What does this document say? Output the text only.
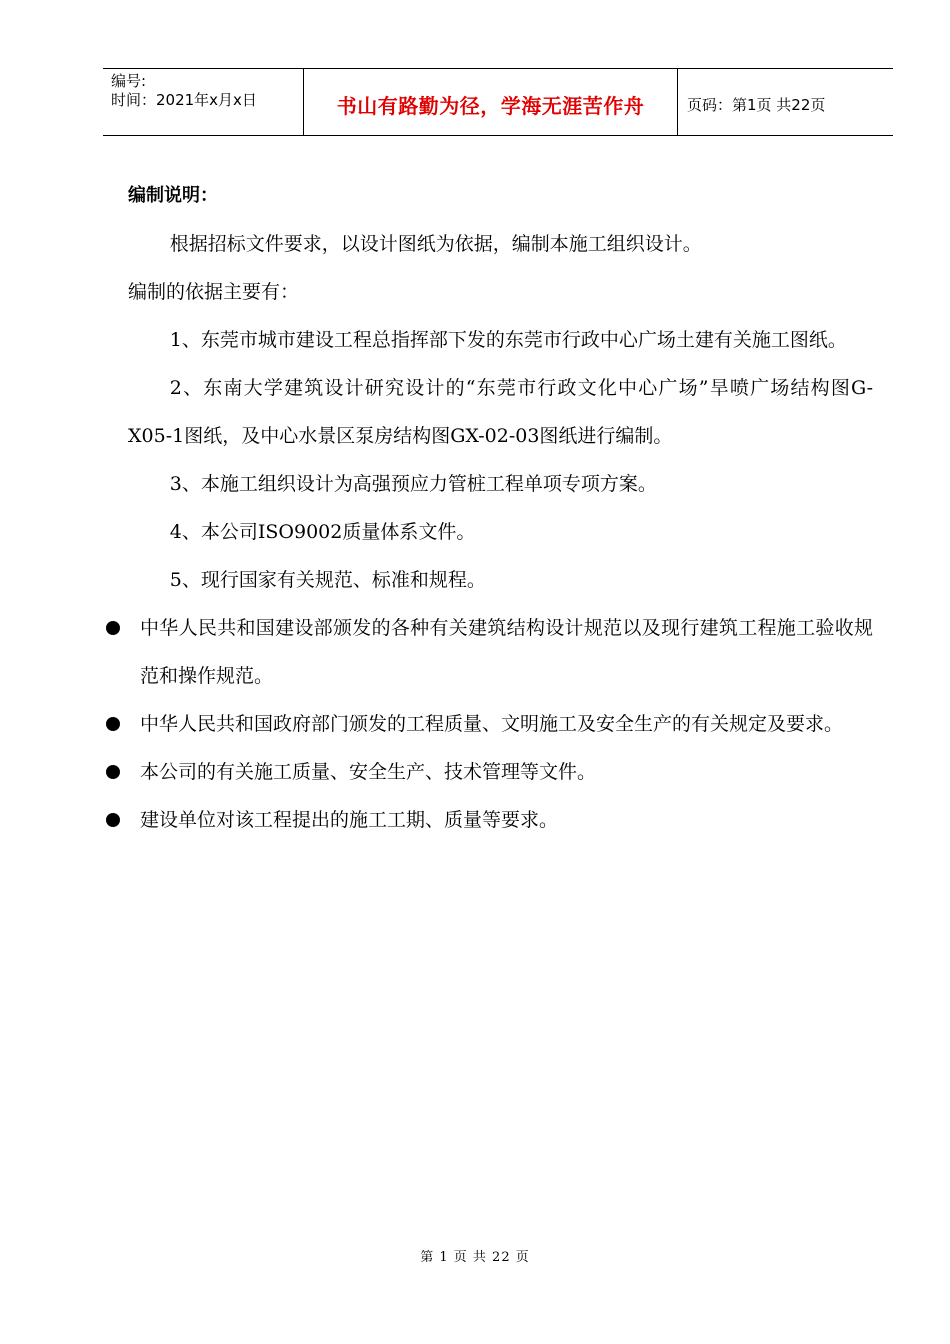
编号:
时间：2021年x月x日	书山有路勤为径，学海无涯苦作舟	页码：第1页 共22页

编制说明：

根据招标文件要求，以设计图纸为依据，编制本施工组织设计。

编制的依据主要有：

1、东莞市城市建设工程总指挥部下发的东莞市行政中心广场土建有关施工图纸。

2、东南大学建筑设计研究设计的“东莞市行政文化中心广场”旱喷广场结构图G-X05-1图纸，及中心水景区泵房结构图GX-02-03图纸进行编制。

3、本施工组织设计为高强预应力管桩工程单项专项方案。

4、本公司ISO9002质量体系文件。

5、现行国家有关规范、标准和规程。

中华人民共和国建设部颁发的各种有关建筑结构设计规范以及现行建筑工程施工验收规范和操作规范。
中华人民共和国政府部门颁发的工程质量、文明施工及安全生产的有关规定及要求。
本公司的有关施工质量、安全生产、技术管理等文件。
建设单位对该工程提出的施工工期、质量等要求。
第 1 页 共 22 页
